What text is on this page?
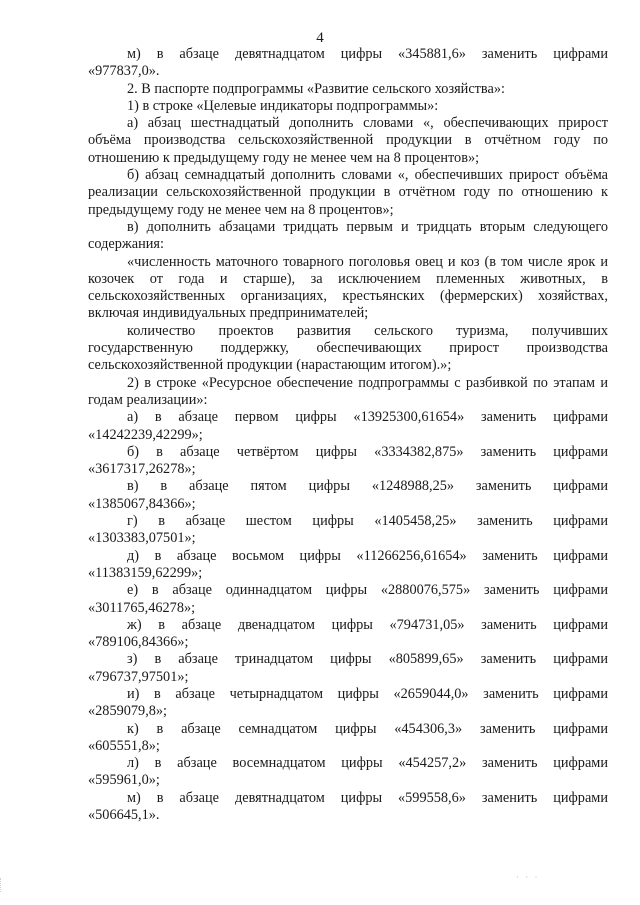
4

м) в абзаце девятнадцатом цифры «345881,6» заменить цифрами
«977837,0».

2. В паспорте подпрограммы «Развитие сельского хозяйства»:

1) в строке «Целевые индикаторы подпрограммы»:

а) абзац шестнадцатый дополнить словами «, обеспечивающих прирост объёма производства сельскохозяйственной продукции в отчётном году по отношению к предыдущему году не менее чем на 8 процентов»;

б) абзац семнадцатый дополнить словами «, обеспечивших прирост объёма реализации сельскохозяйственной продукции в отчётном году по отношению к предыдущему году не менее чем на 8 процентов»;

в) дополнить абзацами тридцать первым и тридцать вторым следующего содержания:

«численность маточного товарного поголовья овец и коз (в том числе ярок и козочек от года и старше), за исключением племенных животных, в сельскохозяйственных организациях, крестьянских (фермерских) хозяйствах, включая индивидуальных предпринимателей;

количество проектов развития сельского туризма, получивших государственную поддержку, обеспечивающих прирост производства сельскохозяйственной продукции (нарастающим итогом).»;

2) в строке «Ресурсное обеспечение подпрограммы с разбивкой по этапам и годам реализации»:

а) в абзаце первом цифры «13925300,61654» заменить цифрами
«14242239,42299»;

б) в абзаце четвёртом цифры «3334382,875» заменить цифрами
«3617317,26278»;

в) в абзаце пятом цифры «1248988,25» заменить цифрами
«1385067,84366»;

г) в абзаце шестом цифры «1405458,25» заменить цифрами
«1303383,07501»;

д) в абзаце восьмом цифры «11266256,61654» заменить цифрами
«11383159,62299»;

е) в абзаце одиннадцатом цифры «2880076,575» заменить цифрами
«3011765,46278»;

ж) в абзаце двенадцатом цифры «794731,05» заменить цифрами
«789106,84366»;

з) в абзаце тринадцатом цифры «805899,65» заменить цифрами
«796737,97501»;

и) в абзаце четырнадцатом цифры «2659044,0» заменить цифрами
«2859079,8»;

к) в абзаце семнадцатом цифры «454306,3» заменить цифрами
«605551,8»;

л) в абзаце восемнадцатом цифры «454257,2» заменить цифрами
«595961,0»;

м) в абзаце девятнадцатом цифры «599558,6» заменить цифрами
«506645,1».

· · ·
